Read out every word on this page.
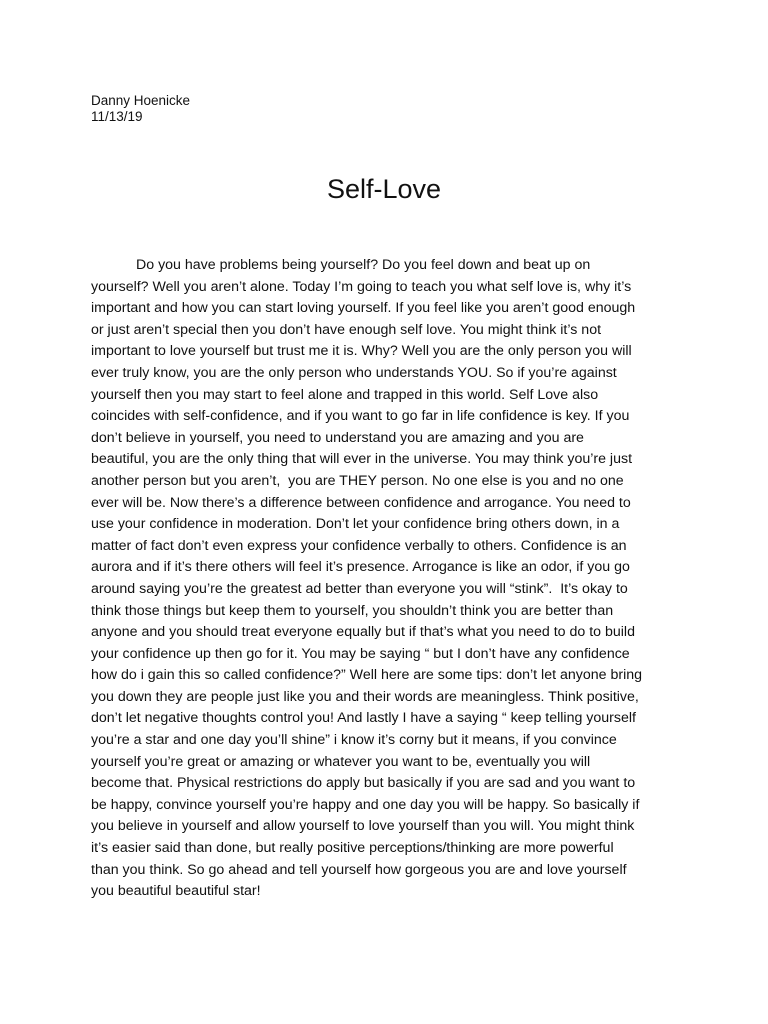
Danny Hoenicke
11/13/19
Self-Love
Do you have problems being yourself? Do you feel down and beat up on
yourself? Well you aren’t alone. Today I’m going to teach you what self love is, why it’s
important and how you can start loving yourself. If you feel like you aren’t good enough
or just aren’t special then you don’t have enough self love. You might think it’s not
important to love yourself but trust me it is. Why? Well you are the only person you will
ever truly know, you are the only person who understands YOU. So if you’re against
yourself then you may start to feel alone and trapped in this world. Self Love also
coincides with self-confidence, and if you want to go far in life confidence is key. If you
don’t believe in yourself, you need to understand you are amazing and you are
beautiful, you are the only thing that will ever in the universe. You may think you’re just
another person but you aren’t,  you are THEY person. No one else is you and no one
ever will be. Now there’s a difference between confidence and arrogance. You need to
use your confidence in moderation. Don’t let your confidence bring others down, in a
matter of fact don’t even express your confidence verbally to others. Confidence is an
aurora and if it’s there others will feel it’s presence. Arrogance is like an odor, if you go
around saying you’re the greatest ad better than everyone you will “stink”.  It’s okay to
think those things but keep them to yourself, you shouldn’t think you are better than
anyone and you should treat everyone equally but if that’s what you need to do to build
your confidence up then go for it. You may be saying “ but I don’t have any confidence
how do i gain this so called confidence?” Well here are some tips: don’t let anyone bring
you down they are people just like you and their words are meaningless. Think positive,
don’t let negative thoughts control you! And lastly I have a saying “ keep telling yourself
you’re a star and one day you’ll shine” i know it’s corny but it means, if you convince
yourself you’re great or amazing or whatever you want to be, eventually you will
become that. Physical restrictions do apply but basically if you are sad and you want to
be happy, convince yourself you’re happy and one day you will be happy. So basically if
you believe in yourself and allow yourself to love yourself than you will. You might think
it’s easier said than done, but really positive perceptions/thinking are more powerful
than you think. So go ahead and tell yourself how gorgeous you are and love yourself
you beautiful beautiful star!
